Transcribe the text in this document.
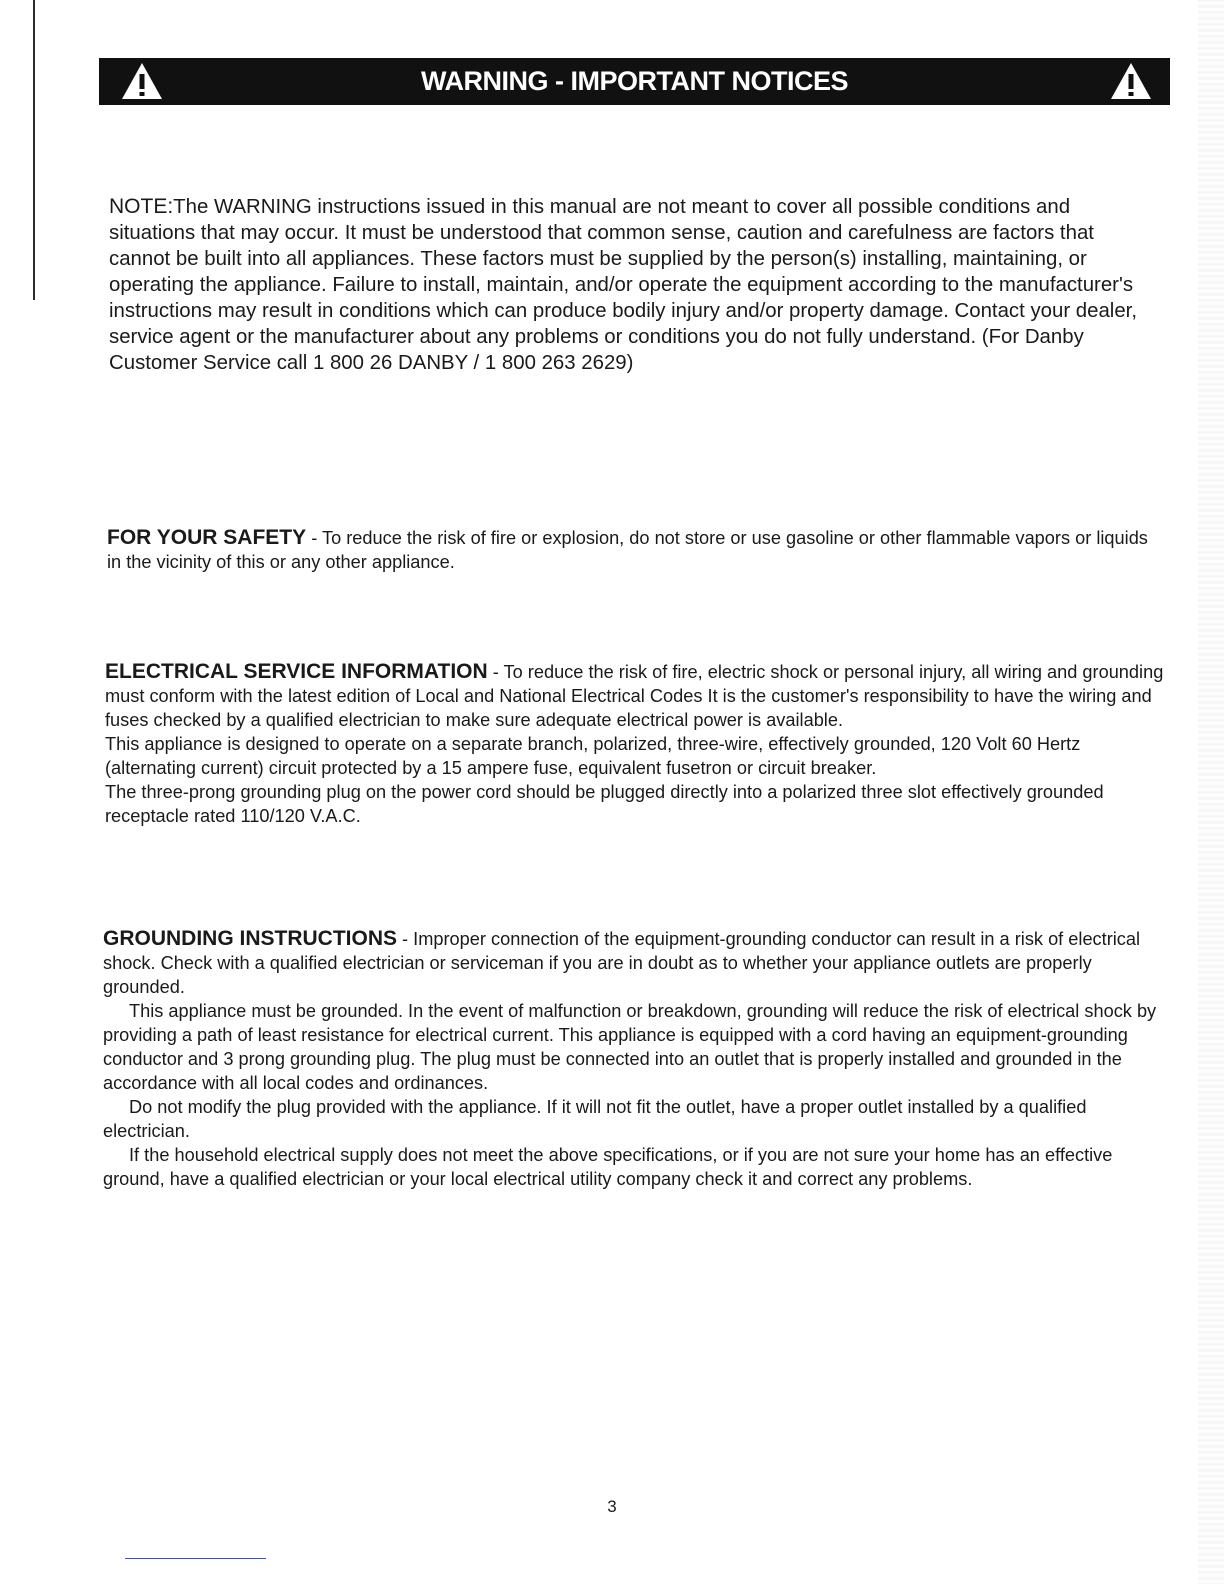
WARNING - IMPORTANT NOTICES

NOTE:The WARNING instructions issued in this manual are not meant to cover all possible conditions and situations that may occur. It must be understood that common sense, caution and carefulness are factors that cannot be built into all appliances. These factors must be supplied by the person(s) installing, maintaining, or operating the appliance. Failure to install, maintain, and/or operate the equipment according to the manufacturer's instructions may result in conditions which can produce bodily injury and/or property damage. Contact your dealer, service agent or the manufacturer about any problems or conditions you do not fully understand. (For Danby Customer Service call 1 800 26 DANBY / 1 800 263 2629)

FOR YOUR SAFETY - To reduce the risk of fire or explosion, do not store or use gasoline or other flammable vapors or liquids in the vicinity of this or any other appliance.

ELECTRICAL SERVICE INFORMATION - To reduce the risk of fire, electric shock or personal injury, all wiring and grounding must conform with the latest edition of Local and National Electrical Codes It is the customer's responsibility to have the wiring and fuses checked by a qualified electrician to make sure adequate electrical power is available.

This appliance is designed to operate on a separate branch, polarized, three-wire, effectively grounded, 120 Volt 60 Hertz (alternating current) circuit protected by a 15 ampere fuse, equivalent fusetron or circuit breaker.

The three-prong grounding plug on the power cord should be plugged directly into a polarized three slot effectively grounded receptacle rated 110/120 V.A.C.

GROUNDING INSTRUCTIONS - Improper connection of the equipment-grounding conductor can result in a risk of electrical shock. Check with a qualified electrician or serviceman if you are in doubt as to whether your appliance outlets are properly grounded.

This appliance must be grounded. In the event of malfunction or breakdown, grounding will reduce the risk of electrical shock by providing a path of least resistance for electrical current. This appliance is equipped with a cord having an equipment-grounding conductor and 3 prong grounding plug. The plug must be connected into an outlet that is properly installed and grounded in the accordance with all local codes and ordinances.

Do not modify the plug provided with the appliance. If it will not fit the outlet, have a proper outlet installed by a qualified electrician.

If the household electrical supply does not meet the above specifications, or if you are not sure your home has an effective ground, have a qualified electrician or your local electrical utility company check it and correct any problems.

3
